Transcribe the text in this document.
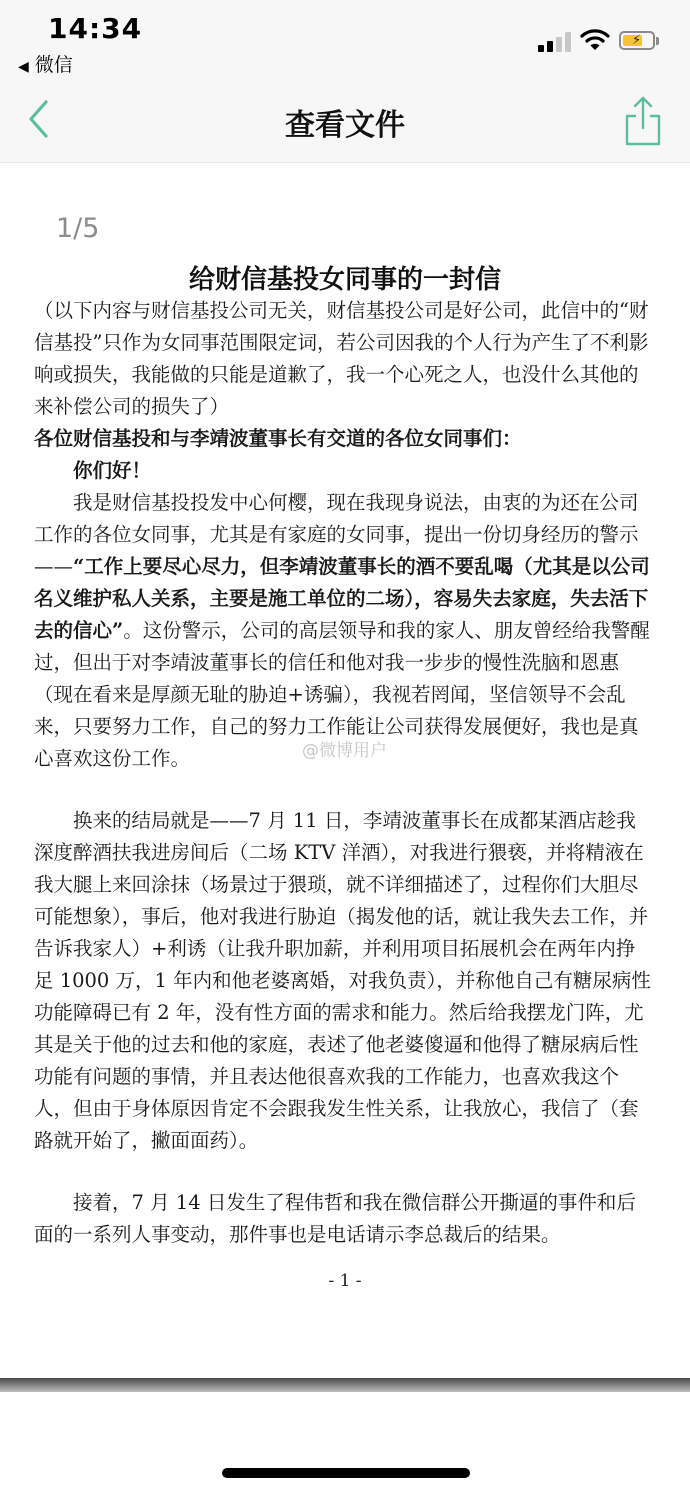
14:34
◀ 微信
⚡
查看文件
1/5
给财信基投女同事的一封信

（以下内容与财信基投公司无关，财信基投公司是好公司，此信中的“财信基投”只作为女同事范围限定词，若公司因我的个人行为产生了不利影响或损失，我能做的只能是道歉了，我一个心死之人，也没什么其他的来补偿公司的损失了）

各位财信基投和与李靖波董事长有交道的各位女同事们：

你们好！

我是财信基投投发中心何樱，现在我现身说法，由衷的为还在公司工作的各位女同事，尤其是有家庭的女同事，提出一份切身经历的警示——“工作上要尽心尽力，但李靖波董事长的酒不要乱喝（尤其是以公司名义维护私人关系，主要是施工单位的二场），容易失去家庭，失去活下去的信心”。这份警示，公司的高层领导和我的家人、朋友曾经给我警醒过，但出于对李靖波董事长的信任和他对我一步步的慢性洗脑和恩惠（现在看来是厚颜无耻的胁迫+诱骗），我视若罔闻，坚信领导不会乱来，只要努力工作，自己的努力工作能让公司获得发展便好，我也是真心喜欢这份工作。

换来的结局就是——7 月 11 日，李靖波董事长在成都某酒店趁我深度醉酒扶我进房间后（二场 KTV 洋酒），对我进行猥亵，并将精液在我大腿上来回涂抹（场景过于猥琐，就不详细描述了，过程你们大胆尽可能想象），事后，他对我进行胁迫（揭发他的话，就让我失去工作，并告诉我家人）+利诱（让我升职加薪，并利用项目拓展机会在两年内挣足 1000 万，1 年内和他老婆离婚，对我负责），并称他自己有糖尿病性功能障碍已有 2 年，没有性方面的需求和能力。然后给我摆龙门阵，尤其是关于他的过去和他的家庭，表述了他老婆傻逼和他得了糖尿病后性功能有问题的事情，并且表达他很喜欢我的工作能力，也喜欢我这个人，但由于身体原因肯定不会跟我发生性关系，让我放心，我信了（套路就开始了，撇面面药）。

接着，7 月 14 日发生了程伟哲和我在微信群公开撕逼的事件和后面的一系列人事变动，那件事也是电话请示李总裁后的结果。

@微博用户
- 1 -
